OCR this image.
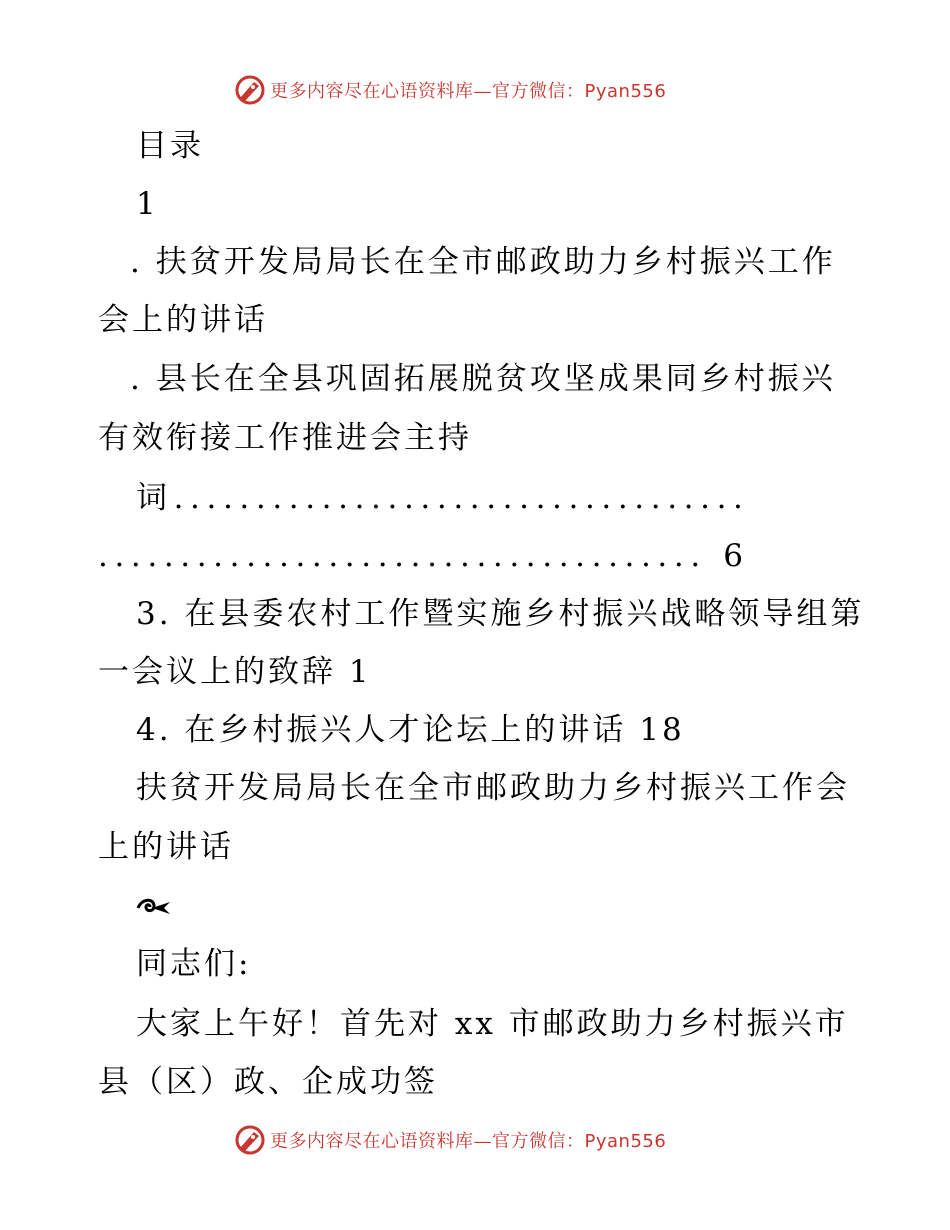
更多内容尽在心语资料库—官方微信：Pyan556
目录
1
. 扶贫开发局局长在全市邮政助力乡村振兴工作
会上的讲话
. 县长在全县巩固拓展脱贫攻坚成果同乡村振兴
有效衔接工作推进会主持
词...................................
..................................... 6
3. 在县委农村工作暨实施乡村振兴战略领导组第
一会议上的致辞 1
4. 在乡村振兴人才论坛上的讲话 18
扶贫开发局局长在全市邮政助力乡村振兴工作会
上的讲话
同志们:
大家上午好！首先对 xx 市邮政助力乡村振兴市
县（区）政、企成功签
更多内容尽在心语资料库—官方微信：Pyan556
